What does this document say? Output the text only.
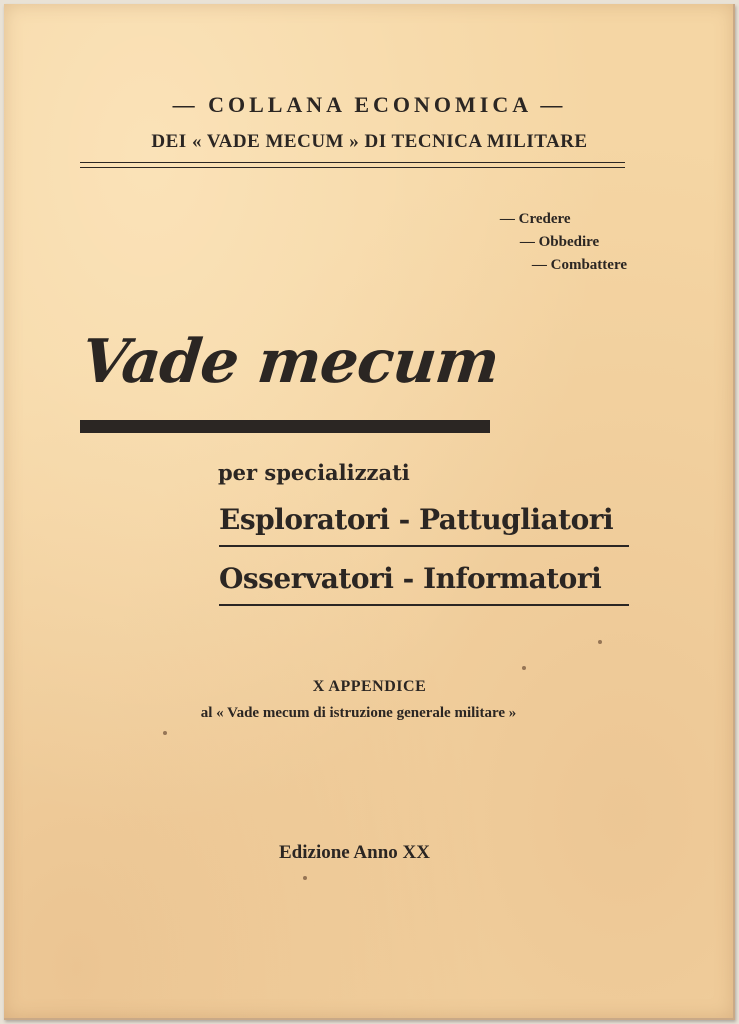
— COLLANA ECONOMICA —
DEI « VADE MECUM » DI TECNICA MILITARE
— Credere
— Obbedire
— Combattere
Vade mecum
per specializzati
Esploratori - Pattugliatori
Osservatori - Informatori
X APPENDICE
al « Vade mecum di istruzione generale militare »
Edizione Anno XX
